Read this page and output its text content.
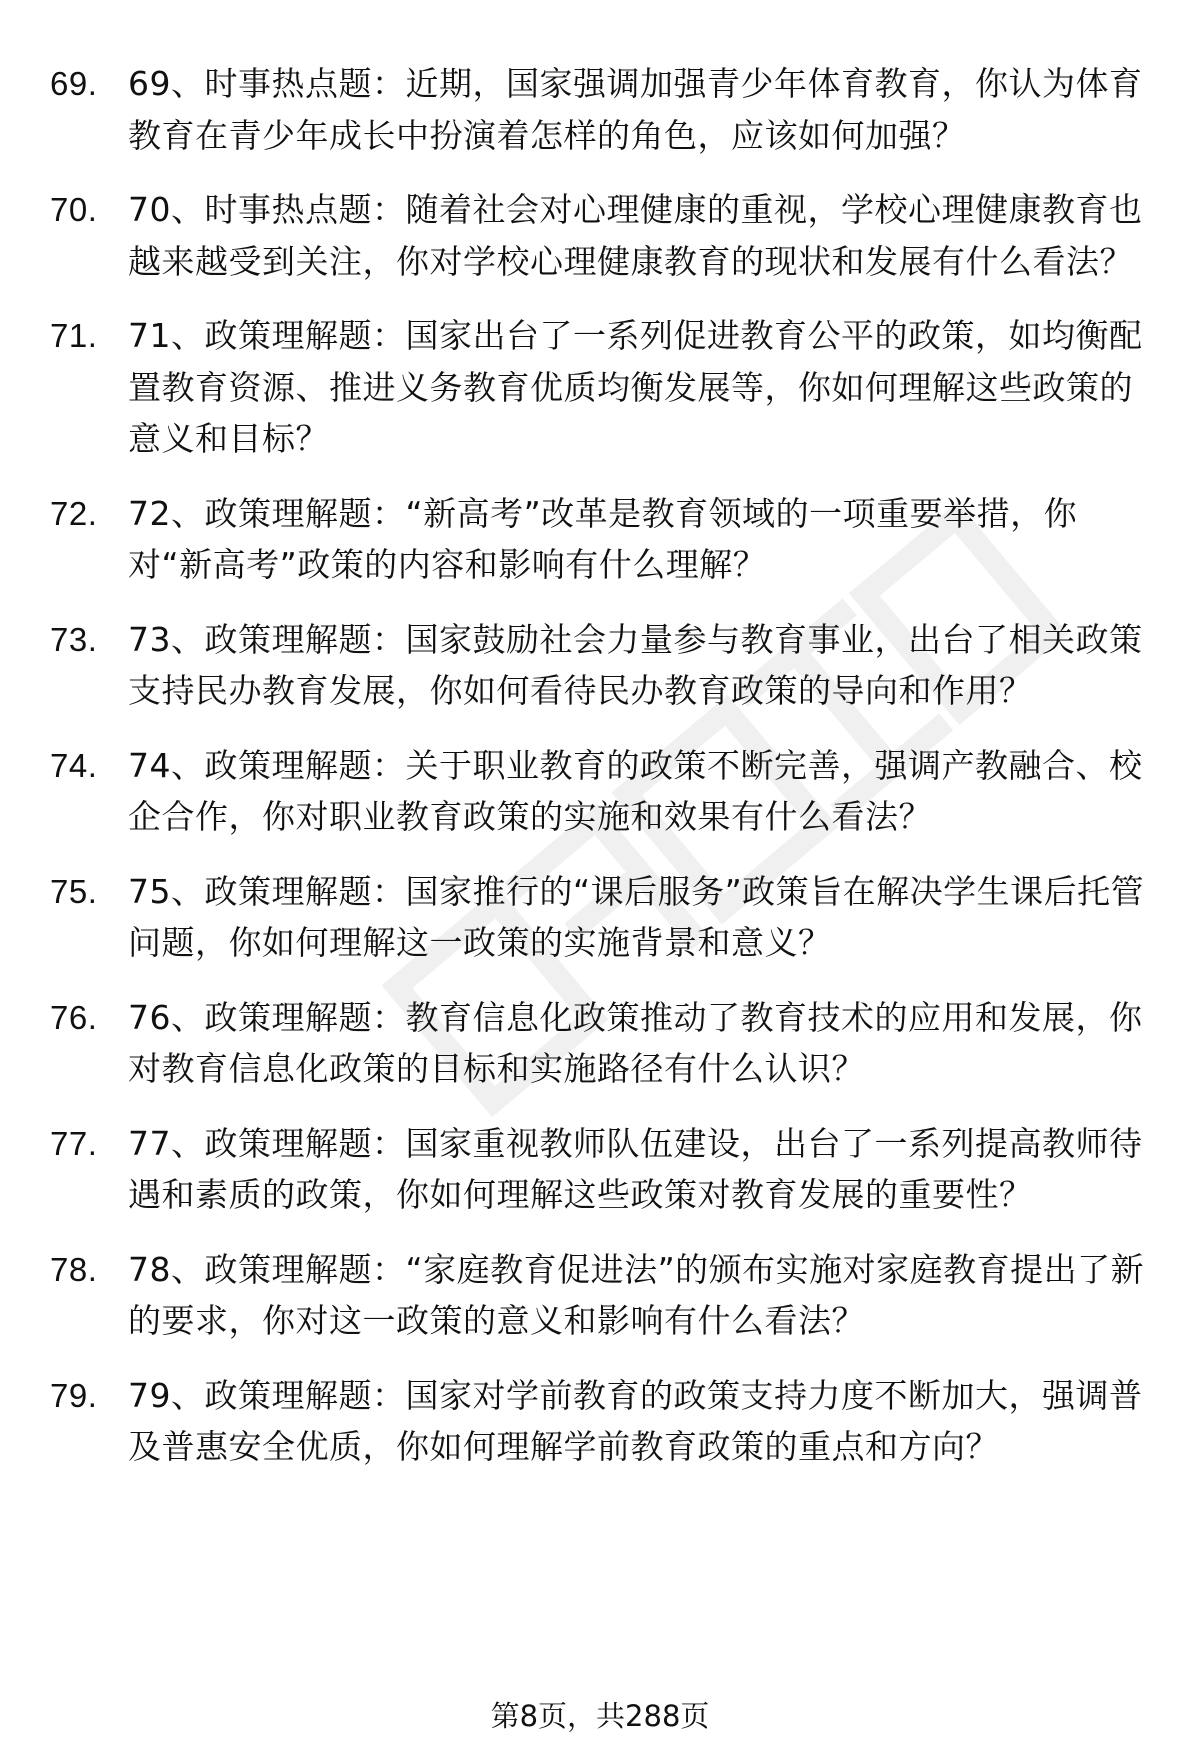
69. 69、时事热点题：近期，国家强调加强青少年体育教育，你认为体育教育在青少年成长中扮演着怎样的角色，应该如何加强？
70. 70、时事热点题：随着社会对心理健康的重视，学校心理健康教育也越来越受到关注，你对学校心理健康教育的现状和发展有什么看法？
71. 71、政策理解题：国家出台了一系列促进教育公平的政策，如均衡配置教育资源、推进义务教育优质均衡发展等，你如何理解这些政策的意义和目标？
72. 72、政策理解题：“新高考”改革是教育领域的一项重要举措，你对“新高考”政策的内容和影响有什么理解？
73. 73、政策理解题：国家鼓励社会力量参与教育事业，出台了相关政策支持民办教育发展，你如何看待民办教育政策的导向和作用？
74. 74、政策理解题：关于职业教育的政策不断完善，强调产教融合、校企合作，你对职业教育政策的实施和效果有什么看法？
75. 75、政策理解题：国家推行的“课后服务”政策旨在解决学生课后托管问题，你如何理解这一政策的实施背景和意义？
76. 76、政策理解题：教育信息化政策推动了教育技术的应用和发展，你对教育信息化政策的目标和实施路径有什么认识？
77. 77、政策理解题：国家重视教师队伍建设，出台了一系列提高教师待遇和素质的政策，你如何理解这些政策对教育发展的重要性？
78. 78、政策理解题：“家庭教育促进法”的颁布实施对家庭教育提出了新的要求，你对这一政策的意义和影响有什么看法？
79. 79、政策理解题：国家对学前教育的政策支持力度不断加大，强调普及普惠安全优质，你如何理解学前教育政策的重点和方向？
第8页，共288页
